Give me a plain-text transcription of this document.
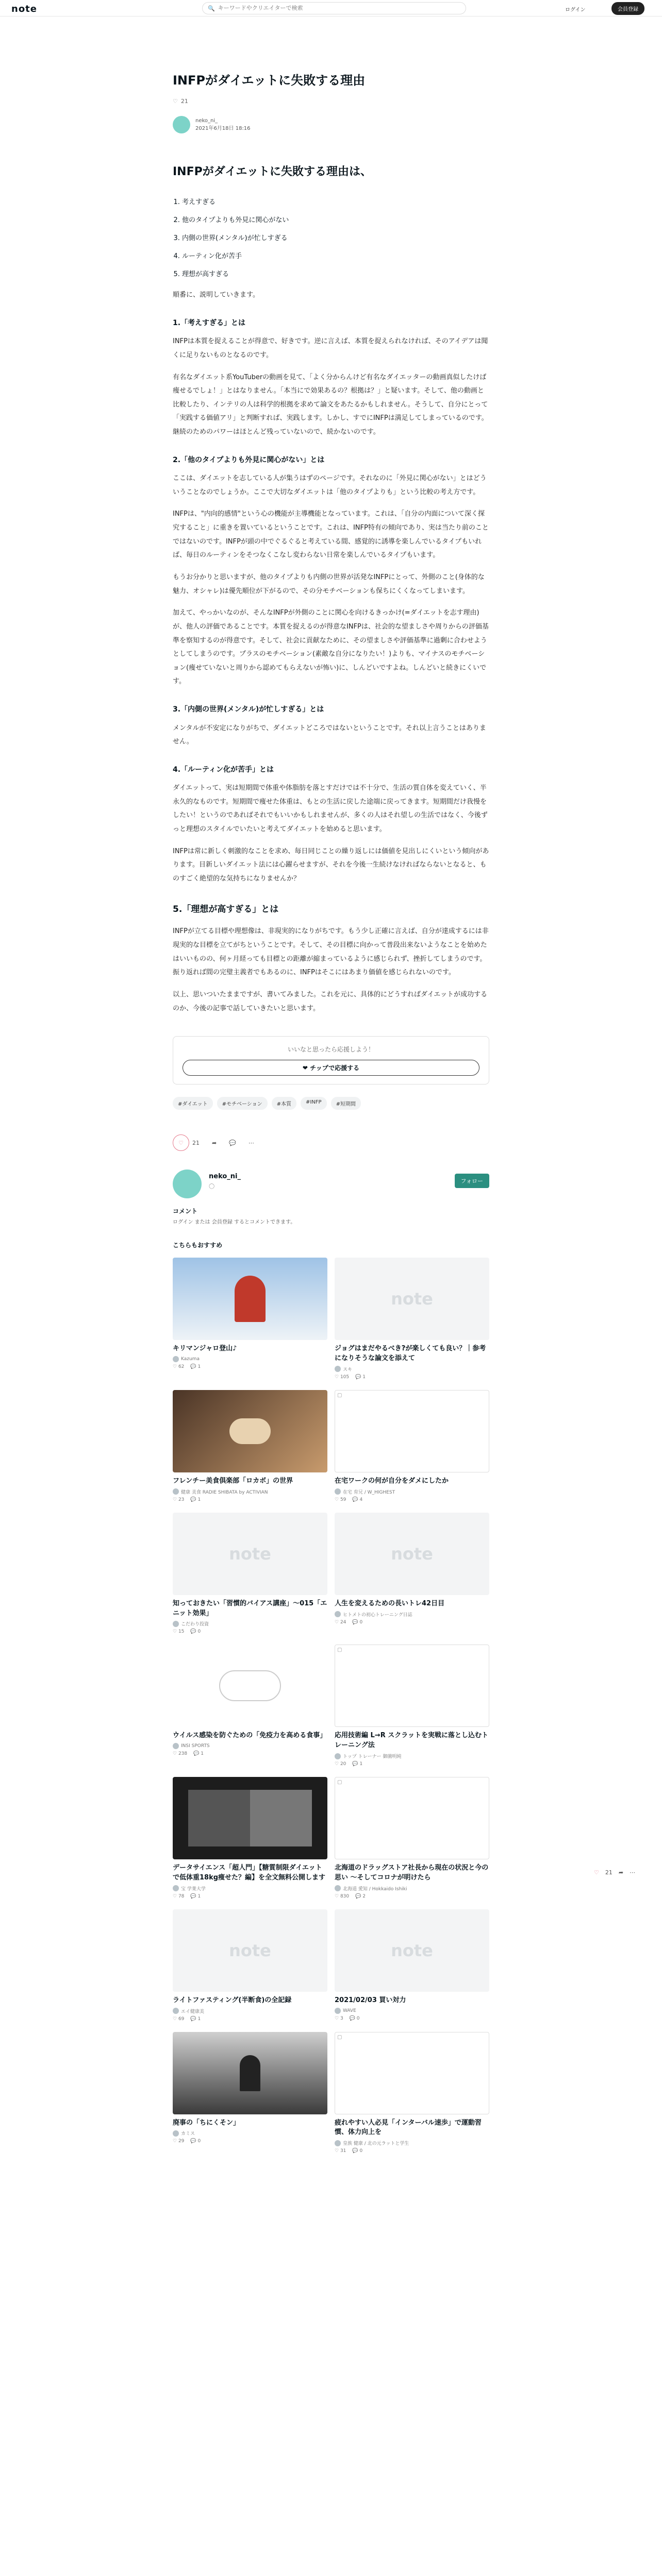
note	🔍
キーワードやクリエイターで検索	ログイン	会員登録
INFPがダイエットに失敗する理由
♡ 21
neko_ni_
2021年6月18日 18:16
INFPがダイエットに失敗する理由は、
1. 考えすぎる
2. 他のタイプよりも外見に関心がない
3. 内側の世界(メンタル)が忙しすぎる
4. ルーティン化が苦手
5. 理想が高すぎる

順番に、説明していきます。

1.「考えすぎる」とは

INFPは本質を捉えることが得意で、好きです。逆に言えば、本質を捉えられなければ、そのアイデアは聞くに足りないものとなるのです。

有名なダイエット系YouTuberの動画を見て、「よく分からんけど有名なダイエッターの動画真似したけば痩せるでしょ！」とはなりません。「本当にで効果あるの？根拠は？」と疑います。そして、他の動画と比較したり、インテリの人は科学的根拠を求めて論文をあたるかもしれません。そうして、自分にとって「実践する価値アリ」と判断すれば、実践します。しかし、すでにINFPは満足してしまっているのです。継続のためのパワーはほとんど残っていないので、続かないのです。

2.「他のタイプよりも外見に関心がない」とは

ここは、ダイエットを志している人が集うはずのページです。それなのに「外見に関心がない」とはどういうことなのでしょうか。ここで大切なダイエットは「他のタイプよりも」という比較の考え方です。

INFPは、"内向的感情"という心の機能が主導機能となっています。これは、「自分の内面について深く探究すること」に重きを置いているということです。これは、INFP特有の傾向であり、実は当たり前のことではないのです。INFPが頭の中でぐるぐると考えている間、感覚的に誘導を楽しんでいるタイプもいれば、毎日のルーティンをそつなくこなし変わらない日常を楽しんでいるタイプもいます。

もうお分かりと思いますが、他のタイプよりも内側の世界が活発なINFPにとって、外側のこと(身体的な魅力、オシャレ)は優先順位が下がるので、その分モチベーションも保ちにくくなってしまいます。

加えて、やっかいなのが、そんなINFPが外側のことに関心を向けるきっかけ(=ダイエットを志す理由)が、他人の評価であることです。本質を捉えるのが得意なINFPは、社会的な望ましさや周りからの評価基準を察知するのが得意です。そして、社会に貢献なために、その望ましさや評価基準に過剰に合わせようとしてしまうのです。プラスのモチベーション(素敵な自分になりたい！)よりも、マイナスのモチベーション(痩せていないと周りから認めてもらえないが怖い)に、しんどいですよね。しんどいと続きにくいです。

3.「内側の世界(メンタル)が忙しすぎる」とは

メンタルが不安定になりがちで、ダイエットどころではないということです。それ以上言うことはありません。

4.「ルーティン化が苦手」とは

ダイエットって、実は短期間で体重や体脂肪を落とすだけでは不十分で、生活の質自体を変えていく、半永久的なものです。短期間で痩せた体重は、もとの生活に戻した途端に戻ってきます。短期間だけ我慢をしたい！というのであればそれでもいいかもしれませんが、多くの人はそれ望しの生活ではなく、今後ずっと理想のスタイルでいたいと考えてダイエットを始めると思います。

INFPは常に新しく刺激的なことを求め、毎日同じことの繰り返しには価値を見出しにくいという傾向があります。目新しいダイエット法には心躍らせますが、それを今後一生続けなければならないとなると、ものすごく絶望的な気持ちになりませんか？

5.「理想が高すぎる」とは

INFPが立てる目標や理想像は、非現実的になりがちです。もう少し正確に言えば、自分が達成するには非現実的な目標を立てがちということです。そして、その目標に向かって普段出来ないようなことを始めたはいいものの、何ヶ月経っても目標との距離が縮まっているように感じられず、挫折してしまうのです。振り返れば間の完璧主義者でもあるのに、INFPはそこにはあまり価値を感じられないのです。

以上、思いついたままですが、書いてみました。これを元に、具体的にどうすればダイエットが成功するのか、今後の記事で話していきたいと思います。

いいなと思ったら応援しよう！
❤ チップで応援する
#ダイエット	#モチベーション	#本質	#INFP	#短期間
♡ 21 ➦ 💬 ⋯
neko_ni_
◯
フォロー
コメント
ログイン または 会員登録 するとコメントできます。
こちらもおすすめ
キリマンジャロ登山♪
Kazuma
♡ 62 💬 1
note
ジョグはまだやるべき?が楽しくても良い？｜参考になりそうな論文を添えて
スキ
♡ 105 💬 1
フレンチー美食倶楽部「ロカボ」の世界
健康 美食 RADIE SHIBATA by ACTIVIAN
♡ 23 💬 1
▢
在宅ワークの何が自分をダメにしたか
在宅 育兄 / W_HIGHEST
♡ 59 💬 4
note
知っておきたい「習慣的バイアス講座」〜015「エニット効果」
こだわり投資
♡ 15 💬 0
note
人生を変えるための長いトレ42日目
ヒトメトの初心トレーニング日誌
♡ 24 💬 0
ウイルス感染を防ぐための「免疫力を高める食事」
INSI SPORTS
♡ 238 💬 1
▢
応用技術編 L→R スクラットを実戦に落とし込むトレーニング法
トップ トレーナー 御薗明純
♡ 20 💬 1
データサイエンス「超人門」【糖質制限ダイエットで低体重18kg痩せた？編】を全文無料公開します
宝 学業大学
♡ 78 💬 1
▢
北海道のドラッグストア社長から現在の状況と今の思い 〜そしてコロナが明けたら
北海道 愛知 / Hokkaido Ishiki
♡ 830 💬 2
note
ライトファスティング(半断食)の全記録
エイ健康美
♡ 69 💬 1
note
2021/02/03 買い対力
WAVE
♡ 3 💬 0
廃事の「ちにくそン」
カミス
♡ 29 💬 0
▢
疲れやすい人必見「インターバル速歩」で運動習慣、体力向上を
皇族 健康 / 北の元ラットと学生
♡ 31 💬 0
♡ 21 ➦ ⋯
